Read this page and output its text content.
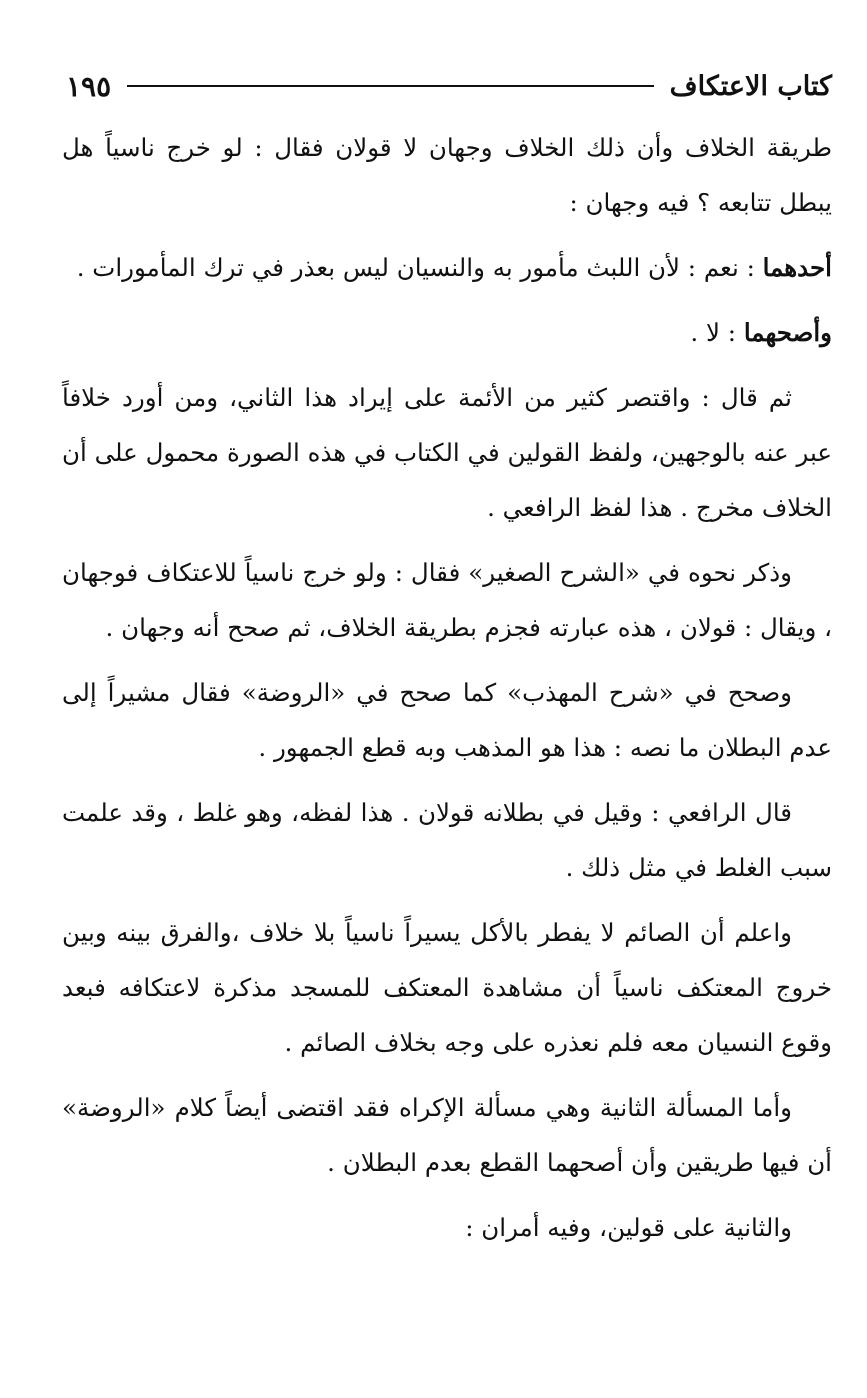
كتاب الاعتكاف
١٩٥

طريقة الخلاف وأن ذلك الخلاف وجهان لا قولان فقال : لو خرج ناسياً هل يبطل تتابعه ؟ فيه وجهان :

أحدهما : نعم : لأن اللبث مأمور به والنسيان ليس بعذر في ترك المأمورات .

وأصحهما : لا .

ثم قال : واقتصر كثير من الأئمة على إيراد هذا الثاني، ومن أورد خلافاً عبر عنه بالوجهين، ولفظ القولين في الكتاب في هذه الصورة محمول على أن الخلاف مخرج . هذا لفظ الرافعي .

وذكر نحوه في «الشرح الصغير» فقال : ولو خرج ناسياً للاعتكاف فوجهان ، ويقال : قولان ، هذه عبارته فجزم بطريقة الخلاف، ثم صحح أنه وجهان .

وصحح في «شرح المهذب» كما صحح في «الروضة» فقال مشيراً إلى عدم البطلان ما نصه : هذا هو المذهب وبه قطع الجمهور .

قال الرافعي : وقيل في بطلانه قولان . هذا لفظه، وهو غلط ، وقد علمت سبب الغلط في مثل ذلك .

واعلم أن الصائم لا يفطر بالأكل يسيراً ناسياً بلا خلاف ،والفرق بينه وبين خروج المعتكف ناسياً أن مشاهدة المعتكف للمسجد مذكرة لاعتكافه فبعد وقوع النسيان معه فلم نعذره على وجه بخلاف الصائم .

وأما المسألة الثانية وهي مسألة الإكراه فقد اقتضى أيضاً كلام «الروضة» أن فيها طريقين وأن أصحهما القطع بعدم البطلان .

والثانية على قولين، وفيه أمران :
